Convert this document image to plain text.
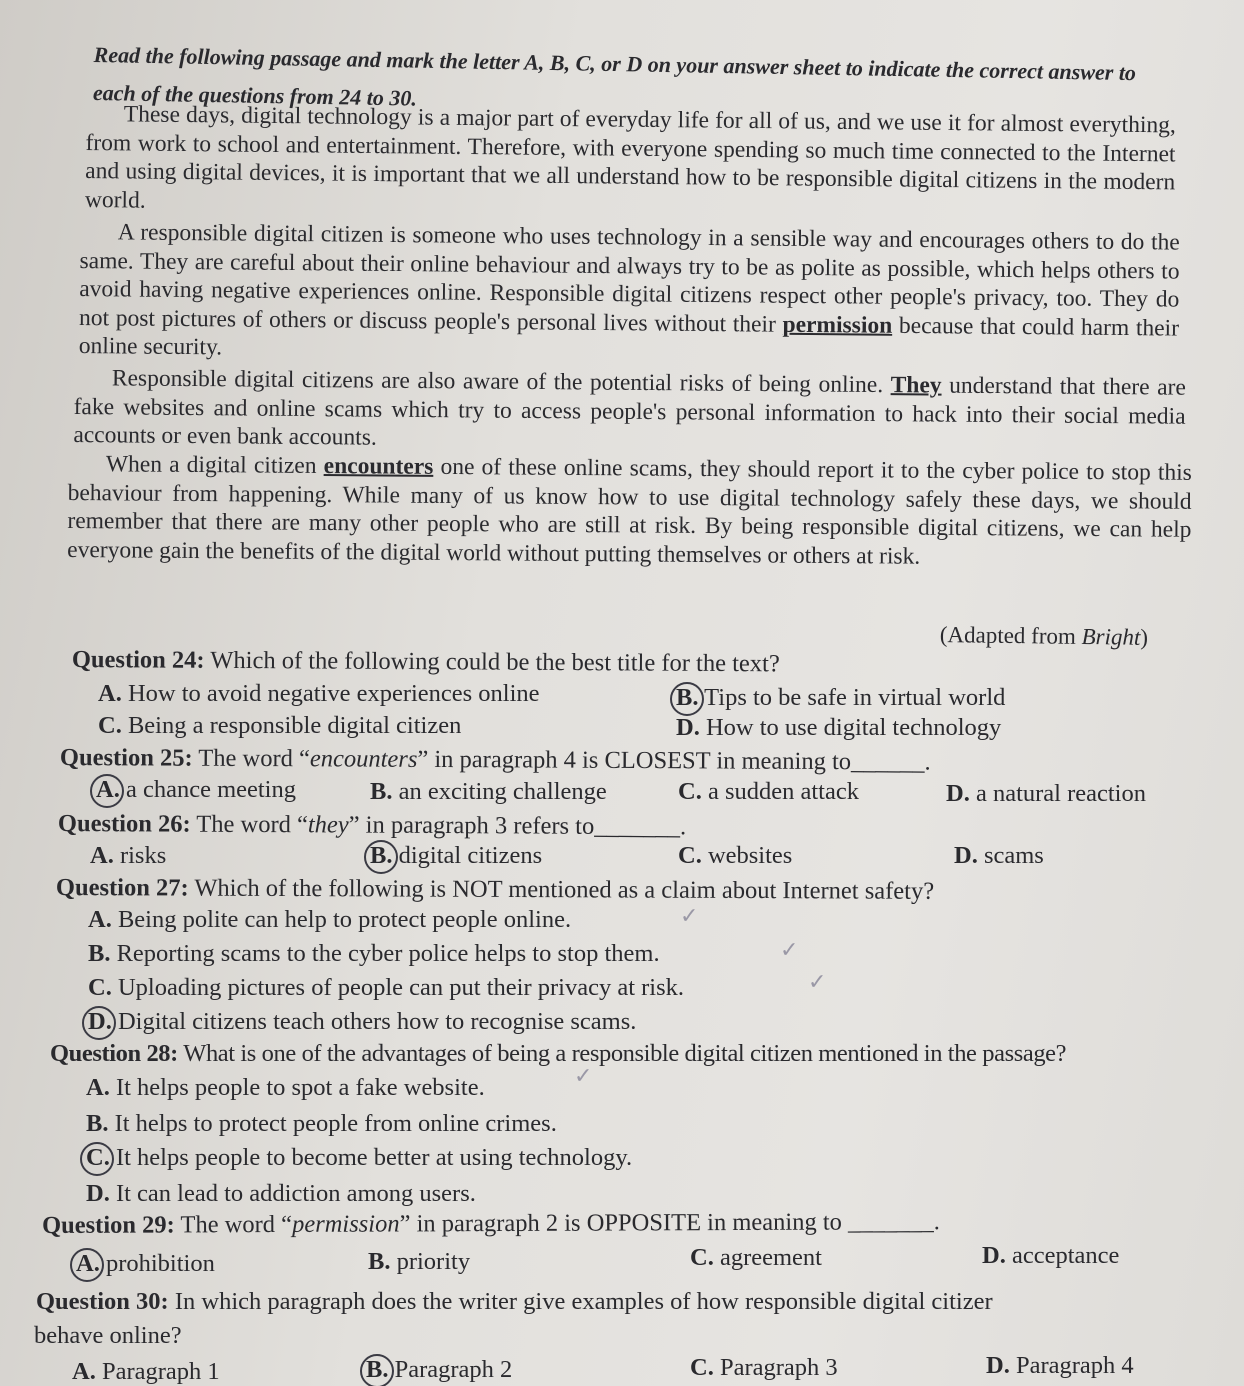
Read the following passage and mark the letter A, B, C, or D on your answer sheet to indicate the correct answer to each of the questions from 24 to 30.
These days, digital technology is a major part of everyday life for all of us, and we use it for almost everything, from work to school and entertainment. Therefore, with everyone spending so much time connected to the Internet and using digital devices, it is important that we all understand how to be responsible digital citizens in the modern world.
A responsible digital citizen is someone who uses technology in a sensible way and encourages others to do the same. They are careful about their online behaviour and always try to be as polite as possible, which helps others to avoid having negative experiences online. Responsible digital citizens respect other people's privacy, too. They do not post pictures of others or discuss people's personal lives without their permission because that could harm their online security.
Responsible digital citizens are also aware of the potential risks of being online. They understand that there are fake websites and online scams which try to access people's personal information to hack into their social media accounts or even bank accounts.
When a digital citizen encounters one of these online scams, they should report it to the cyber police to stop this behaviour from happening. While many of us know how to use digital technology safely these days, we should remember that there are many other people who are still at risk. By being responsible digital citizens, we can help everyone gain the benefits of the digital world without putting themselves or others at risk.
(Adapted from Bright)
Question 24: Which of the following could be the best title for the text?
A. How to avoid negative experiences online	B. Tips to be safe in virtual world
C. Being a responsible digital citizen	D. How to use digital technology
Question 25: The word “encounters” in paragraph 4 is CLOSEST in meaning to______.
A. a chance meeting	B. an exciting challenge	C. a sudden attack	D. a natural reaction
Question 26: The word “they” in paragraph 3 refers to_______.
A. risks	B. digital citizens	C. websites	D. scams
Question 27: Which of the following is NOT mentioned as a claim about Internet safety?
A. Being polite can help to protect people online.
B. Reporting scams to the cyber police helps to stop them.
C. Uploading pictures of people can put their privacy at risk.
D. Digital citizens teach others how to recognise scams.
✓
✓
✓
Question 28: What is one of the advantages of being a responsible digital citizen mentioned in the passage?
A. It helps people to spot a fake website.	✓
B. It helps to protect people from online crimes.
C. It helps people to become better at using technology.
D. It can lead to addiction among users.
Question 29: The word “permission” in paragraph 2 is OPPOSITE in meaning to _______.
A. prohibition	B. priority	C. agreement	D. acceptance
Question 30: In which paragraph does the writer give examples of how responsible digital citizer
behave online?
A. Paragraph 1	B. Paragraph 2	C. Paragraph 3	D. Paragraph 4
